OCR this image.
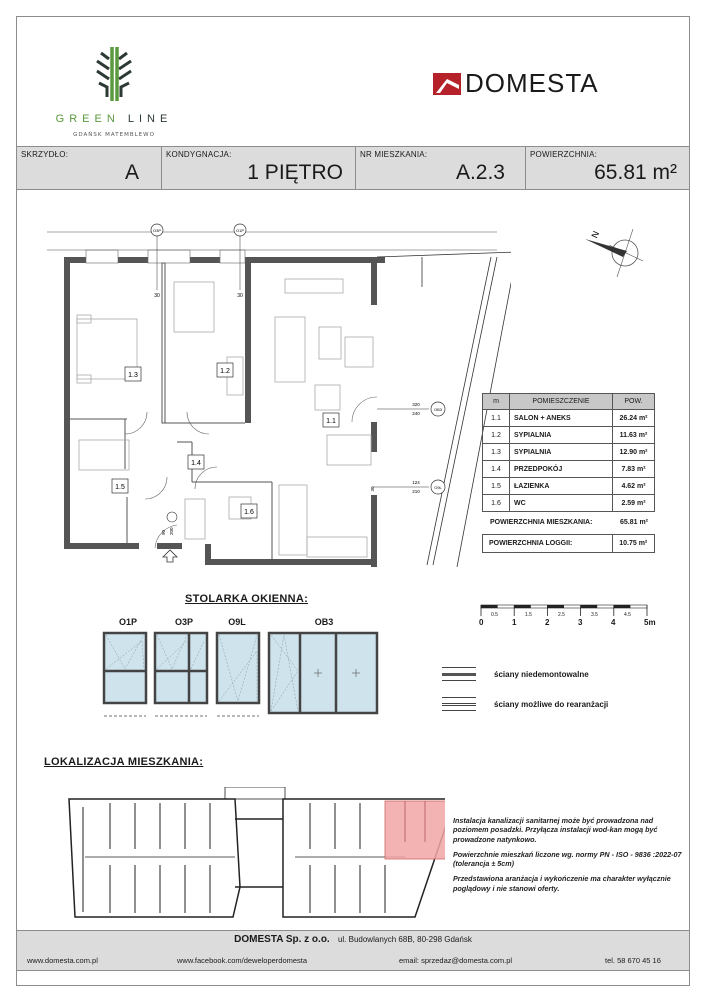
GREEN LINE
GDAŃSK MATEMBLEWO
DOMESTA
SKRZYDŁO:
A
KONDYGNACJA:
1 PIĘTRO
NR MIESZKANIA:
A.2.3
POWIERZCHNIA:
65.81 m²
O3P	O1P
30	30
1.1
1.2
1.3
1.4
1.5
1.6
320
240
OB3
124
210
O9L
30
90 200
N
m	POMIESZCZENIE	POW.
1.1	SALON + ANEKS	26.24 m²
1.2	SYPIALNIA	11.63 m²
1.3	SYPIALNIA	12.90 m²
1.4	PRZEDPOKÓJ	7.83 m²
1.5	ŁAZIENKA	4.62 m²
1.6	WC	2.59 m²
POWIERZCHNIA MIESZKANIA:	65.81 m²
POWIERZCHNIA LOGGII:	10.75 m²
0	1	2	3	4	5m
0.5	1.5	2.5	3.5	4.5
ściany niedemontowalne
ściany możliwe do rearanżacji
STOLARKA OKIENNA:
O1P	O3P	O9L	OB3
LOKALIZACJA MIESZKANIA:

Instalacja kanalizacji sanitarnej może być prowadzona nad poziomem posadzki. Przyłącza instalacji wod-kan mogą być prowadzone natynkowo.

Powierzchnie mieszkań liczone wg. normy PN - ISO - 9836 :2022-07 (tolerancja ± 5cm)

Przedstawiona aranżacja i wykończenie ma charakter wyłącznie poglądowy i nie stanowi oferty.

DOMESTA Sp. z o.o. ul. Budowlanych 68B, 80-298 Gdańsk
www.domesta.com.pl	www.facebook.com/deweloperdomesta	email: sprzedaz@domesta.com.pl	tel. 58 670 45 16
